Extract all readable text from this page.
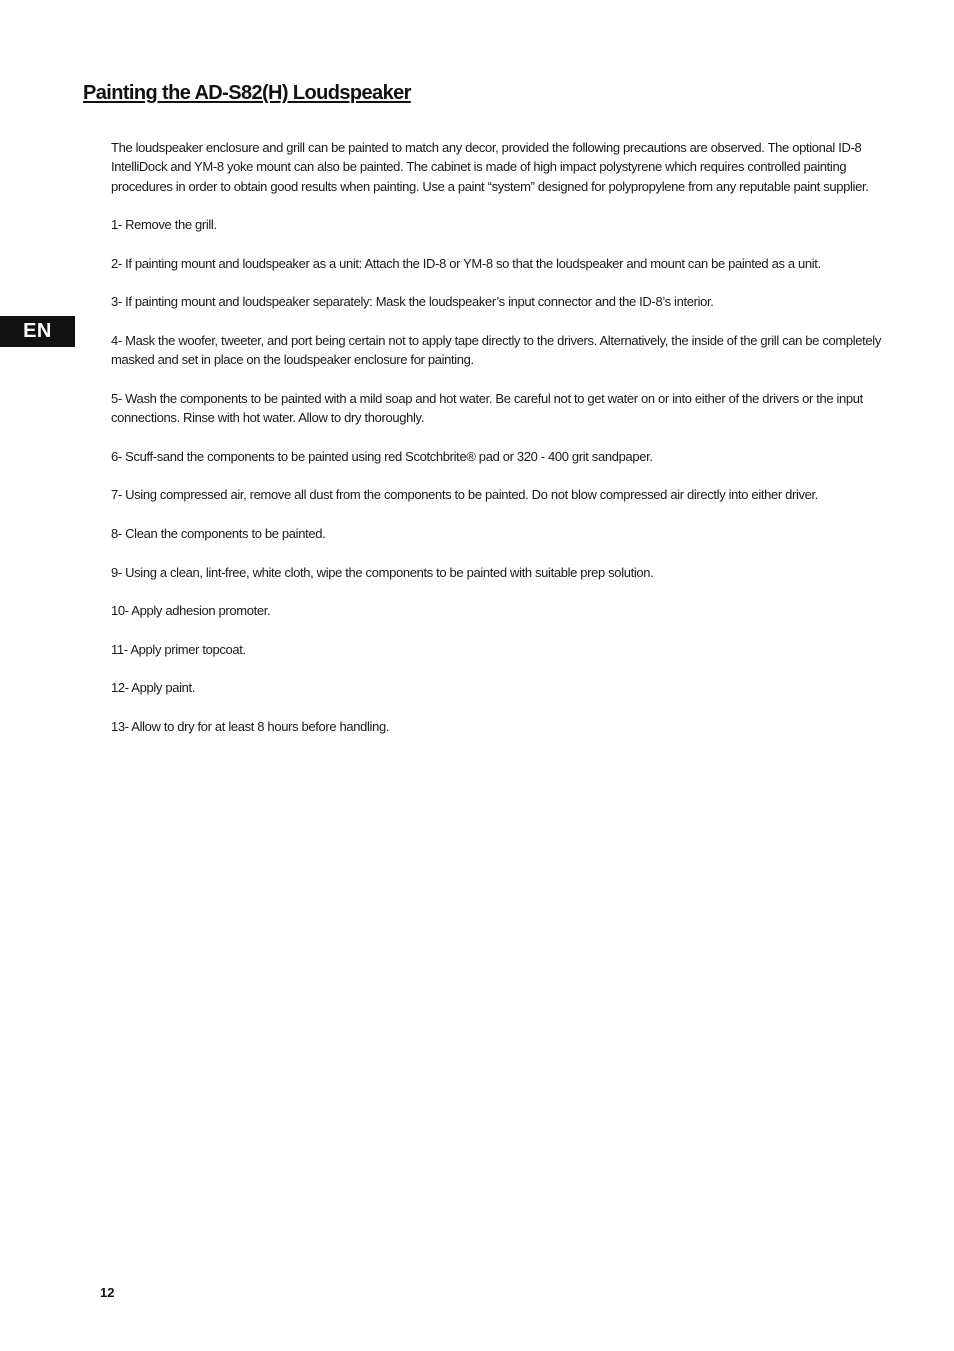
Painting the AD-S82(H) Loudspeaker
EN

The loudspeaker enclosure and grill can be painted to match any decor, provided the following precautions are observed. The optional ID-8 IntelliDock and YM-8 yoke mount can also be painted. The cabinet is made of high impact polystyrene which requires controlled painting procedures in order to obtain good results when painting. Use a paint “system” designed for polypropylene from any reputable paint supplier.

1- Remove the grill.

2- If painting mount and loudspeaker as a unit: Attach the ID-8 or YM-8 so that the loudspeaker and mount can be painted as a unit.

3- If painting mount and loudspeaker separately: Mask the loudspeaker’s input connector and the ID-8’s interior.

4- Mask the woofer, tweeter, and port being certain not to apply tape directly to the drivers. Alternatively, the inside of the grill can be completely masked and set in place on the loudspeaker enclosure for painting.

5- Wash the components to be painted with a mild soap and hot water. Be careful not to get water on or into either of the drivers or the input connections. Rinse with hot water. Allow to dry thoroughly.

6- Scuff-sand the components to be painted using red Scotchbrite® pad or 320 - 400 grit sandpaper.

7- Using compressed air, remove all dust from the components to be painted. Do not blow compressed air directly into either driver.

8- Clean the components to be painted.

9- Using a clean, lint-free, white cloth, wipe the components to be painted with suitable prep solution.

10- Apply adhesion promoter.

11- Apply primer topcoat.

12- Apply paint.

13- Allow to dry for at least 8 hours before handling.

12
